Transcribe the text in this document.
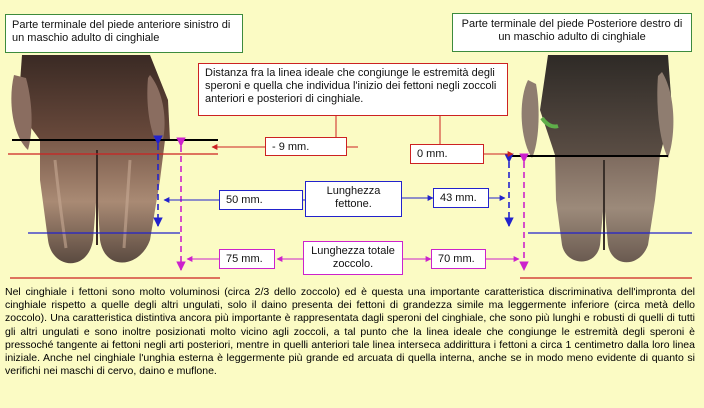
Parte terminale del piede anteriore sinistro di un maschio adulto di cinghiale
Parte terminale del piede Posteriore destro di un maschio adulto di cinghiale
Distanza fra la linea ideale che congiunge le estremità degli speroni e quella che individua l'inizio dei fettoni negli zoccoli anteriori e posteriori di cinghiale.
- 9 mm.
0 mm.
Lunghezza fettone.
50 mm.	43 mm.
Lunghezza totale zoccolo.
75 mm.	70 mm.
Nel cinghiale i fettoni sono molto voluminosi (circa 2/3 dello zoccolo) ed è questa una importante caratteristica discriminativa dell'impronta del cinghiale rispetto a quelle degli altri ungulati, solo il daino presenta dei fettoni di grandezza simile ma leggermente inferiore (circa metà dello zoccolo). Una caratteristica distintiva ancora più importante è rappresentata dagli speroni del cinghiale, che sono più lunghi e robusti di quelli di tutti gli altri ungulati e sono inoltre posizionati molto vicino agli zoccoli, a tal punto che la linea ideale che congiunge le estremità degli speroni è pressoché tangente ai fettoni negli arti posteriori, mentre in quelli anteriori tale linea interseca addirittura i fettoni a circa 1 centimetro dalla loro linea iniziale. Anche nel cinghiale l'unghia esterna è leggermente più grande ed arcuata di quella interna, anche se in modo meno evidente di quanto si verifichi nei maschi di cervo, daino e muflone.
